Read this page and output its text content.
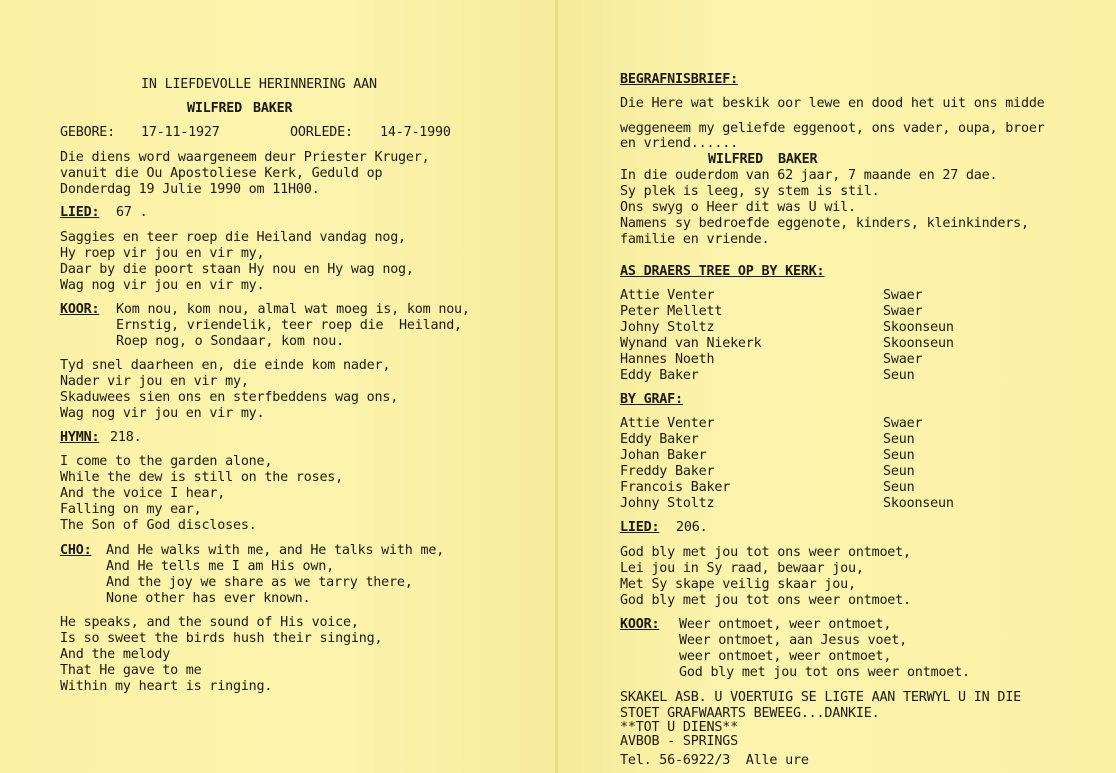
IN LIEFDEVOLLE HERINNERING AAN
WILFRED BAKER
GEBORE: 17-11-1927	OORLEDE: 14-7-1990
Die diens word waargeneem deur Priester Kruger,
vanuit die Ou Apostoliese Kerk, Geduld op
Donderdag 19 Julie 1990 om 11H00.
LIED: 67 .
Saggies en teer roep die Heiland vandag nog,
Hy roep vir jou en vir my,
Daar by die poort staan Hy nou en Hy wag nog,
Wag nog vir jou en vir my.
KOOR: Kom nou, kom nou, almal wat moeg is, kom nou,
Ernstig, vriendelik, teer roep die  Heiland,
Roep nog, o Sondaar, kom nou.
Tyd snel daarheen en, die einde kom nader,
Nader vir jou en vir my,
Skaduwees sien ons en sterfbeddens wag ons,
Wag nog vir jou en vir my.
HYMN: 218.
I come to the garden alone,
While the dew is still on the roses,
And the voice I hear,
Falling on my ear,
The Son of God discloses.
CHO: And He walks with me, and He talks with me,
And He tells me I am His own,
And the joy we share as we tarry there,
None other has ever known.
He speaks, and the sound of His voice,
Is so sweet the birds hush their singing,
And the melody
That He gave to me
Within my heart is ringing.
BEGRAFNISBRIEF:
Die Here wat beskik oor lewe en dood het uit ons midde
weggeneem my geliefde eggenoot, ons vader, oupa, broer
en vriend......
WILFRED BAKER
In die ouderdom van 62 jaar, 7 maande en 27 dae.
Sy plek is leeg, sy stem is stil.
Ons swyg o Heer dit was U wil.
Namens sy bedroefde eggenote, kinders, kleinkinders,
familie en vriende.
AS DRAERS TREE OP BY KERK:
Attie Venter	Swaer
Peter Mellett	Swaer
Johny Stoltz	Skoonseun
Wynand van Niekerk	Skoonseun
Hannes Noeth	Swaer
Eddy Baker	Seun
BY GRAF:
Attie Venter	Swaer
Eddy Baker	Seun
Johan Baker	Seun
Freddy Baker	Seun
Francois Baker	Seun
Johny Stoltz	Skoonseun
LIED: 206.
God bly met jou tot ons weer ontmoet,
Lei jou in Sy raad, bewaar jou,
Met Sy skape veilig skaar jou,
God bly met jou tot ons weer ontmoet.
KOOR: Weer ontmoet, weer ontmoet,
Weer ontmoet, aan Jesus voet,
weer ontmoet, weer ontmoet,
God bly met jou tot ons weer ontmoet.
SKAKEL ASB. U VOERTUIG SE LIGTE AAN TERWYL U IN DIE
STOET GRAFWAARTS BEWEEG...DANKIE.
**TOT U DIENS**
AVBOB - SPRINGS
Tel. 56-6922/3  Alle ure
